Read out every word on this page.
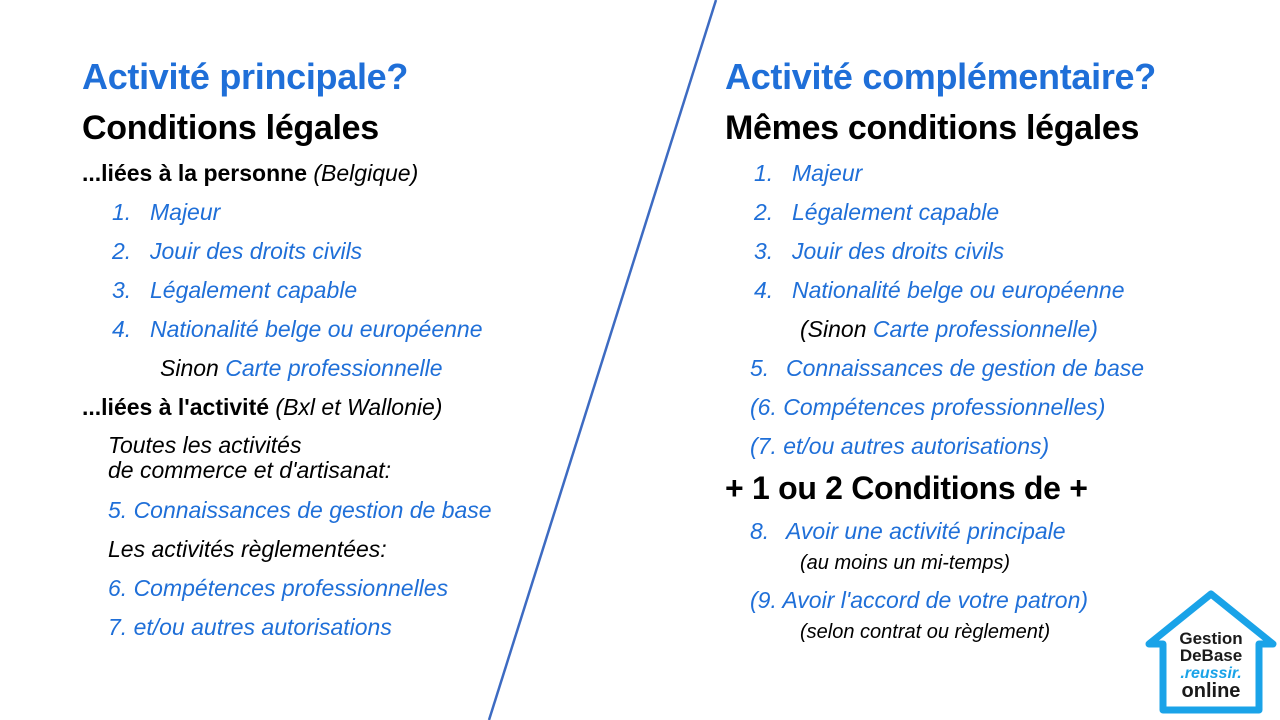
Activité principale?
Conditions légales
...liées à la personne (Belgique)
1. Majeur
2. Jouir des droits civils
3. Légalement capable
4. Nationalité belge ou européenne
Sinon Carte professionnelle
...liées à l'activité (Bxl et Wallonie)
Toutes les activités
de commerce et d'artisanat:
5. Connaissances de gestion de base
Les activités règlementées:
6. Compétences professionnelles
7. et/ou autres autorisations
Activité complémentaire?
Mêmes conditions légales
1. Majeur
2. Légalement capable
3. Jouir des droits civils
4. Nationalité belge ou européenne
(Sinon Carte professionnelle)
5. Connaissances de gestion de base
(6. Compétences professionnelles)
(7. et/ou autres autorisations)
+ 1 ou 2 Conditions de +
8. Avoir une activité principale
(au moins un mi-temps)
(9. Avoir l'accord de votre patron)
(selon contrat ou règlement)	Gestion
DeBase
.reussir.
online
